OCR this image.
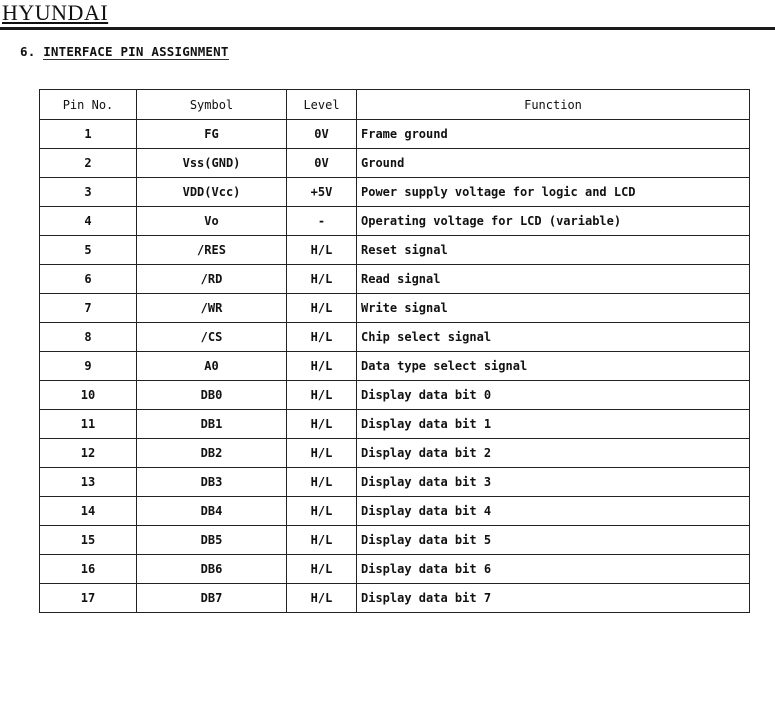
HYUNDAI
6. INTERFACE PIN ASSIGNMENT
Pin No.	Symbol	Level	Function
1	FG	0V	Frame ground
2	Vss(GND)	0V	Ground
3	VDD(Vcc)	+5V	Power supply voltage for logic and LCD
4	Vo	-	Operating voltage for LCD (variable)
5	/RES	H/L	Reset signal
6	/RD	H/L	Read signal
7	/WR	H/L	Write signal
8	/CS	H/L	Chip select signal
9	A0	H/L	Data type select signal
10	DB0	H/L	Display data bit 0
11	DB1	H/L	Display data bit 1
12	DB2	H/L	Display data bit 2
13	DB3	H/L	Display data bit 3
14	DB4	H/L	Display data bit 4
15	DB5	H/L	Display data bit 5
16	DB6	H/L	Display data bit 6
17	DB7	H/L	Display data bit 7
